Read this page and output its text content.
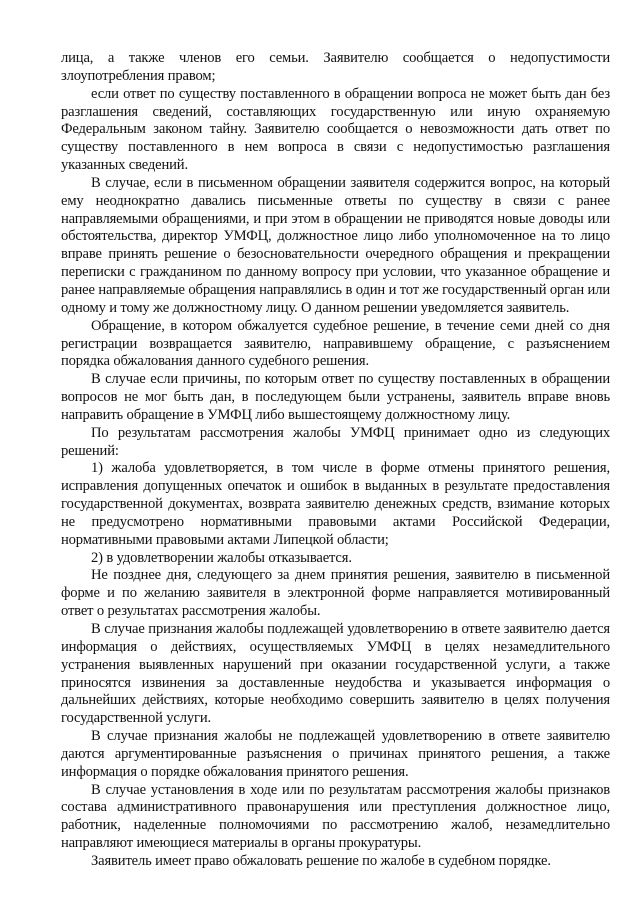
лица, а также членов его семьи. Заявителю сообщается о недопустимости злоупотребления правом;

если ответ по существу поставленного в обращении вопроса не может быть дан без разглашения сведений, составляющих государственную или иную охраняемую Федеральным законом тайну. Заявителю сообщается о невозможности дать ответ по существу поставленного в нем вопроса в связи с недопустимостью разглашения указанных сведений.

В случае, если в письменном обращении заявителя содержится вопрос, на который ему неоднократно давались письменные ответы по существу в связи с ранее направляемыми обращениями, и при этом в обращении не приводятся новые доводы или обстоятельства, директор УМФЦ, должностное лицо либо уполномоченное на то лицо вправе принять решение о безосновательности очередного обращения и прекращении переписки с гражданином по данному вопросу при условии, что указанное обращение и ранее направляемые обращения направлялись в один и тот же государственный орган или одному и тому же должностному лицу. О данном решении уведомляется заявитель.

Обращение, в котором обжалуется судебное решение, в течение семи дней со дня регистрации возвращается заявителю, направившему обращение, с разъяснением порядка обжалования данного судебного решения.

В случае если причины, по которым ответ по существу поставленных в обращении вопросов не мог быть дан, в последующем были устранены, заявитель вправе вновь направить обращение в УМФЦ либо вышестоящему должностному лицу.

По результатам рассмотрения жалобы УМФЦ принимает одно из следующих решений:

1) жалоба удовлетворяется, в том числе в форме отмены принятого решения, исправления допущенных опечаток и ошибок в выданных в результате предоставления государственной документах, возврата заявителю денежных средств, взимание которых не предусмотрено нормативными правовыми актами Российской Федерации, нормативными правовыми актами Липецкой области;

2) в удовлетворении жалобы отказывается.

Не позднее дня, следующего за днем принятия решения, заявителю в письменной форме и по желанию заявителя в электронной форме направляется мотивированный ответ о результатах рассмотрения жалобы.

В случае признания жалобы подлежащей удовлетворению в ответе заявителю дается информация о действиях, осуществляемых УМФЦ в целях незамедлительного устранения выявленных нарушений при оказании государственной услуги, а также приносятся извинения за доставленные неудобства и указывается информация о дальнейших действиях, которые необходимо совершить заявителю в целях получения государственной услуги.

В случае признания жалобы не подлежащей удовлетворению в ответе заявителю даются аргументированные разъяснения о причинах принятого решения, а также информация о порядке обжалования принятого решения.

В случае установления в ходе или по результатам рассмотрения жалобы признаков состава административного правонарушения или преступления должностное лицо, работник, наделенные полномочиями по рассмотрению жалоб, незамедлительно направляют имеющиеся материалы в органы прокуратуры.

Заявитель имеет право обжаловать решение по жалобе в судебном порядке.
